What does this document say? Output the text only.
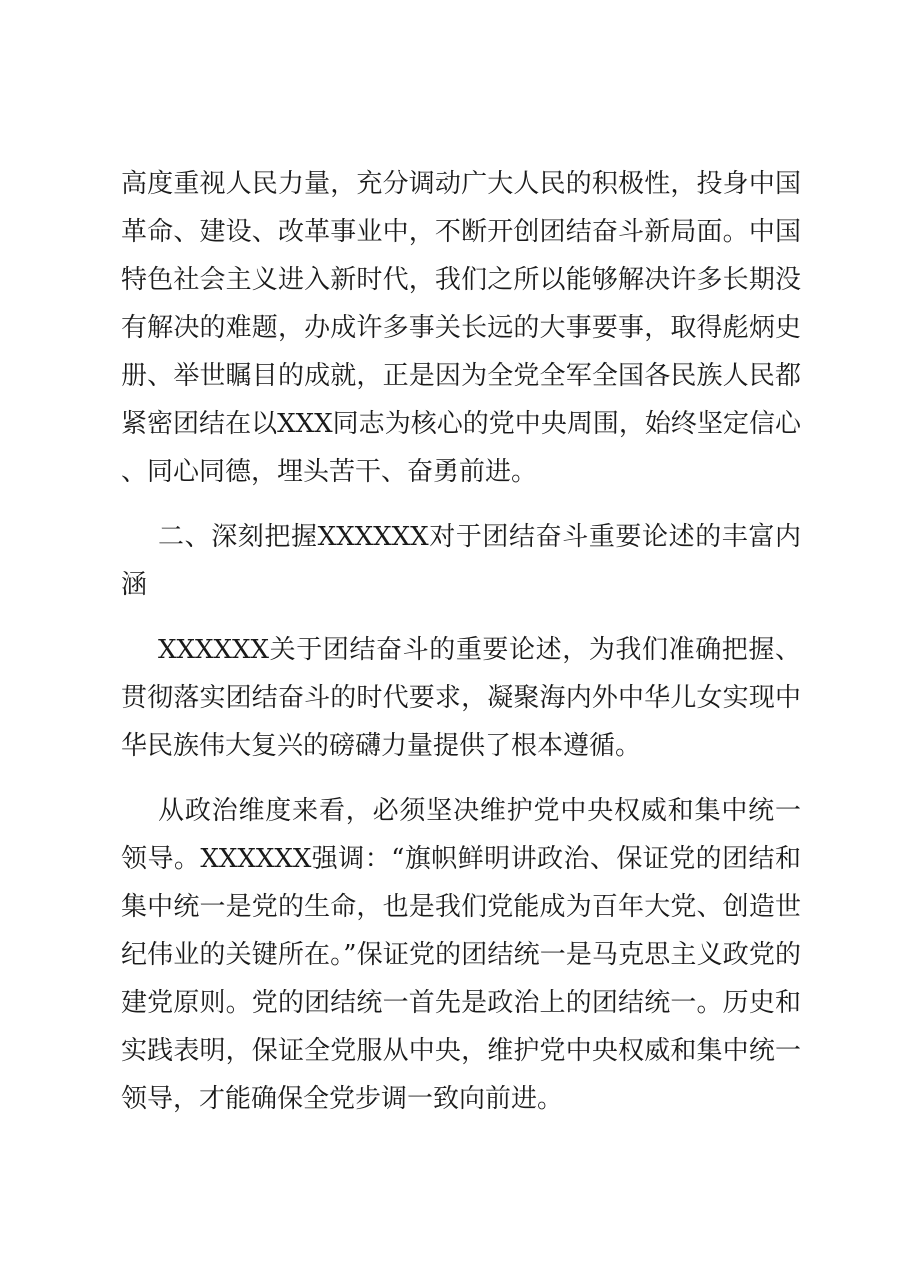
高度重视人民力量，充分调动广大人民的积极性，投身中国革命、建设、改革事业中，不断开创团结奋斗新局面。中国特色社会主义进入新时代，我们之所以能够解决许多长期没有解决的难题，办成许多事关长远的大事要事，取得彪炳史册、举世瞩目的成就，正是因为全党全军全国各民族人民都紧密团结在以XXX同志为核心的党中央周围，始终坚定信心、同心同德，埋头苦干、奋勇前进。

二、深刻把握XXXXXX对于团结奋斗重要论述的丰富内涵

XXXXXX关于团结奋斗的重要论述，为我们准确把握、贯彻落实团结奋斗的时代要求，凝聚海内外中华儿女实现中华民族伟大复兴的磅礴力量提供了根本遵循。

从政治维度来看，必须坚决维护党中央权威和集中统一领导。XXXXXX强调：“旗帜鲜明讲政治、保证党的团结和集中统一是党的生命，也是我们党能成为百年大党、创造世纪伟业的关键所在。”保证党的团结统一是马克思主义政党的建党原则。党的团结统一首先是政治上的团结统一。历史和实践表明，保证全党服从中央，维护党中央权威和集中统一领导，才能确保全党步调一致向前进。
